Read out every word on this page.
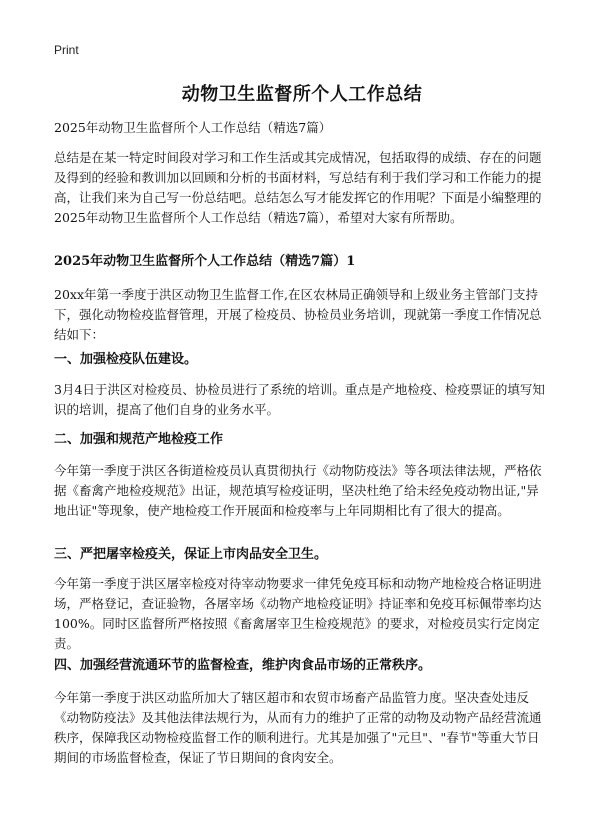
Print
动物卫生监督所个人工作总结

2025年动物卫生监督所个人工作总结（精选7篇）

总结是在某一特定时间段对学习和工作生活或其完成情况，包括取得的成绩、存在的问题及得到的经验和教训加以回顾和分析的书面材料，写总结有利于我们学习和工作能力的提高，让我们来为自己写一份总结吧。总结怎么写才能发挥它的作用呢？下面是小编整理的2025年动物卫生监督所个人工作总结（精选7篇），希望对大家有所帮助。

2025年动物卫生监督所个人工作总结（精选7篇）1

20xx年第一季度于洪区动物卫生监督工作,在区农林局正确领导和上级业务主管部门支持下，强化动物检疫监督管理，开展了检疫员、协检员业务培训，现就第一季度工作情况总结如下：

一、加强检疫队伍建设。

3月4日于洪区对检疫员、协检员进行了系统的培训。重点是产地检疫、检疫票证的填写知识的培训，提高了他们自身的业务水平。

二、加强和规范产地检疫工作

今年第一季度于洪区各街道检疫员认真贯彻执行《动物防疫法》等各项法律法规，严格依据《畜禽产地检疫规范》出证，规范填写检疫证明，坚决杜绝了给未经免疫动物出证,"异地出证"等现象，使产地检疫工作开展面和检疫率与上年同期相比有了很大的提高。

三、严把屠宰检疫关，保证上市肉品安全卫生。

今年第一季度于洪区屠宰检疫对待宰动物要求一律凭免疫耳标和动物产地检疫合格证明进场，严格登记，查证验物，各屠宰场《动物产地检疫证明》持证率和免疫耳标佩带率均达100%。同时区监督所严格按照《畜禽屠宰卫生检疫规范》的要求，对检疫员实行定岗定责。

四、加强经营流通环节的监督检查，维护肉食品市场的正常秩序。

今年第一季度于洪区动监所加大了辖区超市和农贸市场畜产品监管力度。坚决查处违反《动物防疫法》及其他法律法规行为，从而有力的维护了正常的动物及动物产品经营流通秩序，保障我区动物检疫监督工作的顺利进行。尤其是加强了"元旦"、"春节"等重大节日期间的市场监督检查，保证了节日期间的食肉安全。
